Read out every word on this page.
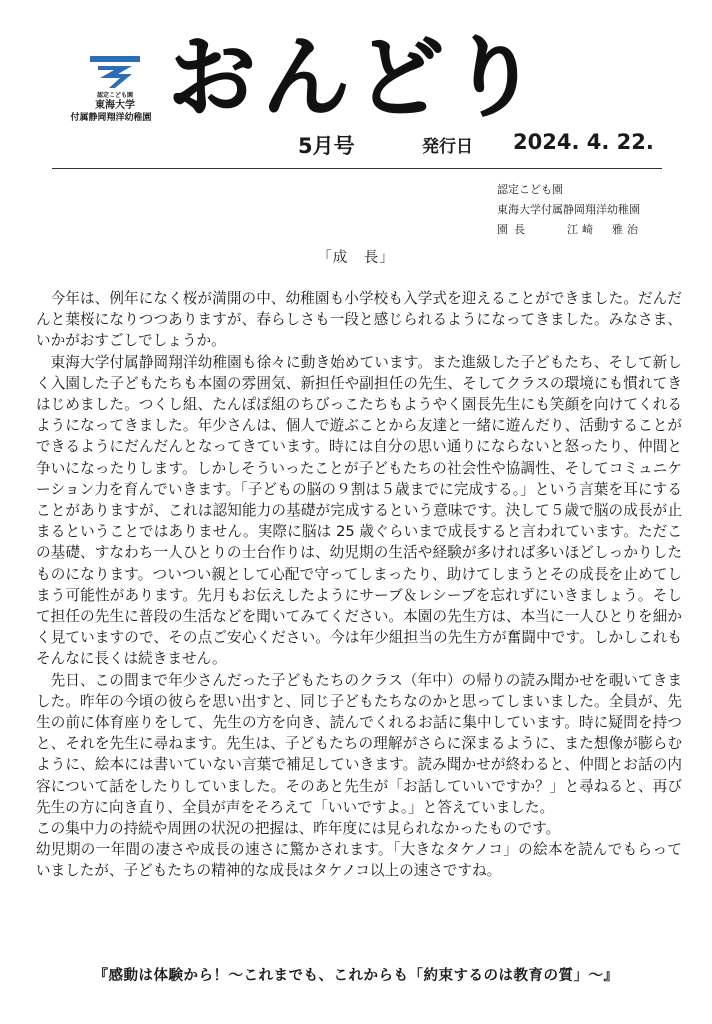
認定こども園
東海大学
付属静岡翔洋幼稚園 おんどり
5月号	発行日 2024. 4. 22.
認定こども園
東海大学付属静岡翔洋幼稚園
園長	江崎　雅治
「成　長」

今年は、例年になく桜が満開の中、幼稚園も小学校も入学式を迎えることができました。だんだんと葉桜になりつつありますが、春らしさも一段と感じられるようになってきました。みなさま、いかがおすごしでしょうか。

東海大学付属静岡翔洋幼稚園も徐々に動き始めています。また進級した子どもたち、そして新しく入園した子どもたちも本園の雰囲気、新担任や副担任の先生、そしてクラスの環境にも慣れてきはじめました。つくし組、たんぽぽ組のちびっこたちもようやく園長先生にも笑顔を向けてくれるようになってきました。年少さんは、個人で遊ぶことから友達と一緒に遊んだり、活動することができるようにだんだんとなってきています。時には自分の思い通りにならないと怒ったり、仲間と争いになったりします。しかしそういったことが子どもたちの社会性や協調性、そしてコミュニケーション力を育んでいきます。「子どもの脳の９割は５歳までに完成する。」という言葉を耳にすることがありますが、これは認知能力の基礎が完成するという意味です。決して５歳で脳の成長が止まるということではありません。実際に脳は 25 歳ぐらいまで成長すると言われています。ただこの基礎、すなわち一人ひとりの士台作りは、幼児期の生活や経験が多ければ多いほどしっかりしたものになります。ついつい親として心配で守ってしまったり、助けてしまうとその成長を止めてしまう可能性があります。先月もお伝えしたようにサーブ＆レシーブを忘れずにいきましょう。そして担任の先生に普段の生活などを聞いてみてください。本園の先生方は、本当に一人ひとりを細かく見ていますので、その点ご安心ください。今は年少組担当の先生方が奮闘中です。しかしこれもそんなに長くは続きません。

先日、この間まで年少さんだった子どもたちのクラス（年中）の帰りの読み聞かせを覗いてきました。昨年の今頃の彼らを思い出すと、同じ子どもたちなのかと思ってしまいました。全員が、先生の前に体育座りをして、先生の方を向き、読んでくれるお話に集中しています。時に疑問を持つと、それを先生に尋ねます。先生は、子どもたちの理解がさらに深まるように、また想像が膨らむように、絵本には書いていない言葉で補足していきます。読み聞かせが終わると、仲間とお話の内容について話をしたりしていました。そのあと先生が「お話していいですか？」と尋ねると、再び先生の方に向き直り、全員が声をそろえて「いいですよ。」と答えていました。

この集中力の持続や周囲の状況の把握は、昨年度には見られなかったものです。

幼児期の一年間の凄さや成長の速さに驚かされます。「大きなタケノコ」の絵本を読んでもらっていましたが、子どもたちの精神的な成長はタケノコ以上の速さですね。

『感動は体験から！～これまでも、これからも「約束するのは教育の質」～』
